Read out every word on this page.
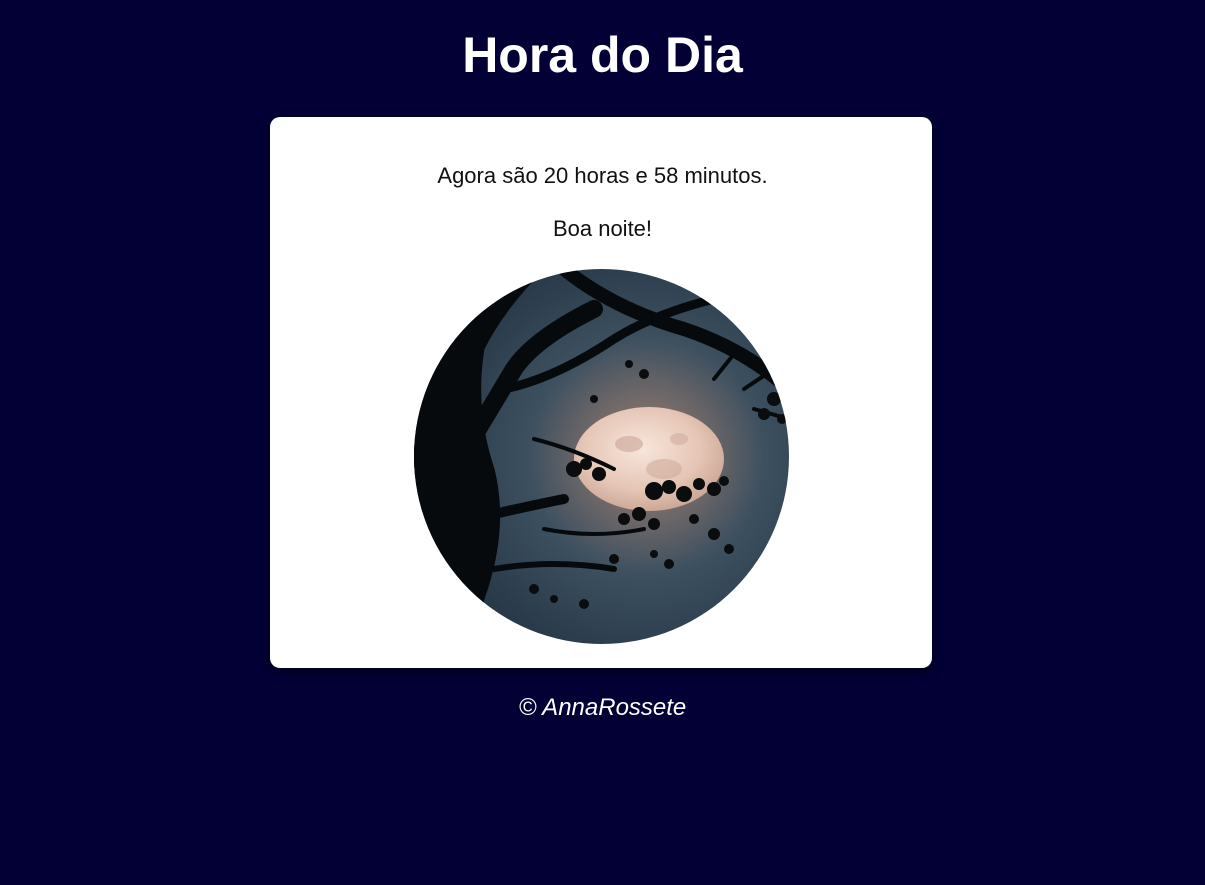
Hora do Dia

Agora são 20 horas e 58 minutos.

Boa noite!

© AnnaRossete
